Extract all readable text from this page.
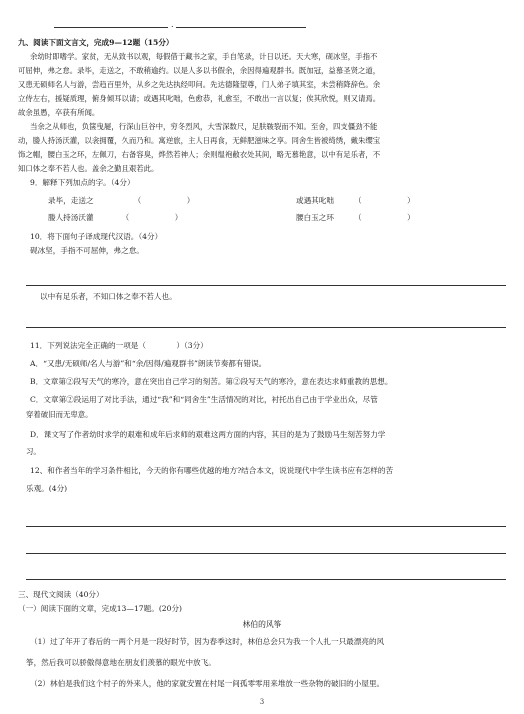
.
九、阅读下面文言文，完成9—12题（15分）
余幼时即嗜学。家贫，无从致书以观，每假借于藏书之家，手自笔录，计日以还。天大寒，砚冰坚，手指不
可屈伸，弗之怠。录毕，走送之，不敢稍逾约。以是人多以书假余，余因得遍观群书。既加冠，益慕圣贤之道，
又患无硕师名人与游，尝趋百里外，从乡之先达执经叩问。先达德隆望尊，门人弟子填其室，未尝稍降辞色。余
立侍左右，援疑质理，俯身倾耳以请；或遇其叱咄，色愈恭，礼愈至，不敢出一言以复；俟其欣悦，则又请焉。
故余虽愚，卒获有所闻。
当余之从师也，负箧曳屣，行深山巨谷中，穷冬烈风，大雪深数尺，足肤皲裂而不知。至舍，四支僵劲不能
动，媵人持汤沃灌，以衾拥覆，久而乃和。寓逆旅，主人日再食，无鲜肥滋味之享。同舍生皆被绮绣，戴朱缨宝
饰之帽，腰白玉之环，左佩刀，右备容臭，烨然若神人；余则缊袍敝衣处其间，略无慕艳意，以中有足乐者，不
知口体之奉不若人也。盖余之勤且艰若此。
9．解释下列加点的字。（4分）
录毕，走送之	（　　　　　　）	或遇其叱咄	（　　　　　　）
媵人持汤沃灌	（　　　　　　）	腰白玉之环	（　　　　　　）
10．将下面句子译成现代汉语。（4分）
砚冰坚，手指不可屈伸，弗之怠。
以中有足乐者，不知口体之奉不若人也。
11．下列说法完全正确的一项是（　　　　）（3分）
A．“又患/无硕师/名人与游”和“余/因得/遍观群书”朗读节奏都有错误。
B．文章第②段写天气的寒冷，意在突出自己学习的刻苦。第②段写天气的寒冷，意在表达求师重教的思想。
C．文章第②段运用了对比手法，通过“我”和“同舍生”生活情况的对比，衬托出自己由于学业出众，尽管
穿着破旧而无卑意。
D．课文写了作者幼时求学的艰难和成年后求师的艰难这两方面的内容，其目的是为了鼓励马生刻苦努力学
习。
12、和作者当年的学习条件相比，今天的你有哪些优越的地方?结合本文，说说现代中学生读书应有怎样的苦
乐观。(4分)
三、现代文阅读（40分）
（一）阅读下面的文章，完成13—17题。(20分)
林伯的风筝
（1）过了年开了春后的一两个月是一段好时节，因为春季这时，林伯总会只为我一个人扎一只最漂亮的风
筝，然后我可以骄傲得意地在朋友们羡慕的眼光中放飞。
（2）林伯是我们这个村子的外来人，他的家就安置在村尾一间孤零零用来堆放一些杂物的破旧的小屋里。
3
